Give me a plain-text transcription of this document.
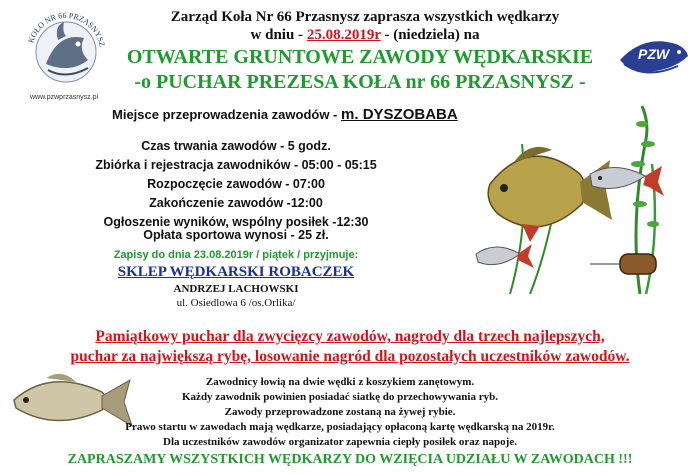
KOŁO NR 66 PRZASNYSZ
www.pzwprzasnysz.pl
PZW
Zarząd Koła Nr 66 Przasnysz zaprasza wszystkich wędkarzy
w dniu - 25.08.2019r - (niedziela) na
OTWARTE GRUNTOWE ZAWODY WĘDKARSKIE
-o PUCHAR PREZESA KOŁA nr 66 PRZASNYSZ -
Miejsce przeprowadzenia zawodów - m. DYSZOBABA
Czas trwania zawodów - 5 godz.
Zbiórka i rejestracja zawodników - 05:00 - 05:15
Rozpoczęcie zawodów - 07:00
Zakończenie zawodów -12:00
Ogłoszenie wyników, wspólny posiłek -12:30
Opłata sportowa wynosi - 25 zł.
Zapisy do dnia 23.08.2019r / piątek / przyjmuje:
SKLEP WĘDKARSKI ROBACZEK
ANDRZEJ LACHOWSKI
ul. Osiedlowa 6 /os.Orlika/
Pamiątkowy puchar dla zwycięzcy zawodów, nagrody dla trzech najlepszych,
puchar za największą rybę, losowanie nagród dla pozostałych uczestników zawodów.
Zawodnicy łowią na dwie wędki z koszykiem zanętowym.
Każdy zawodnik powinien posiadać siatkę do przechowywania ryb.
Zawody przeprowadzone zostaną na żywej rybie.
Prawo startu w zawodach mają wędkarze, posiadający opłaconą kartę wędkarską na 2019r.
Dla uczestników zawodów organizator zapewnia ciepły posiłek oraz napoje.
ZAPRASZAMY WSZYSTKICH WĘDKARZY DO WZIĘCIA UDZIAŁU W ZAWODACH !!!
